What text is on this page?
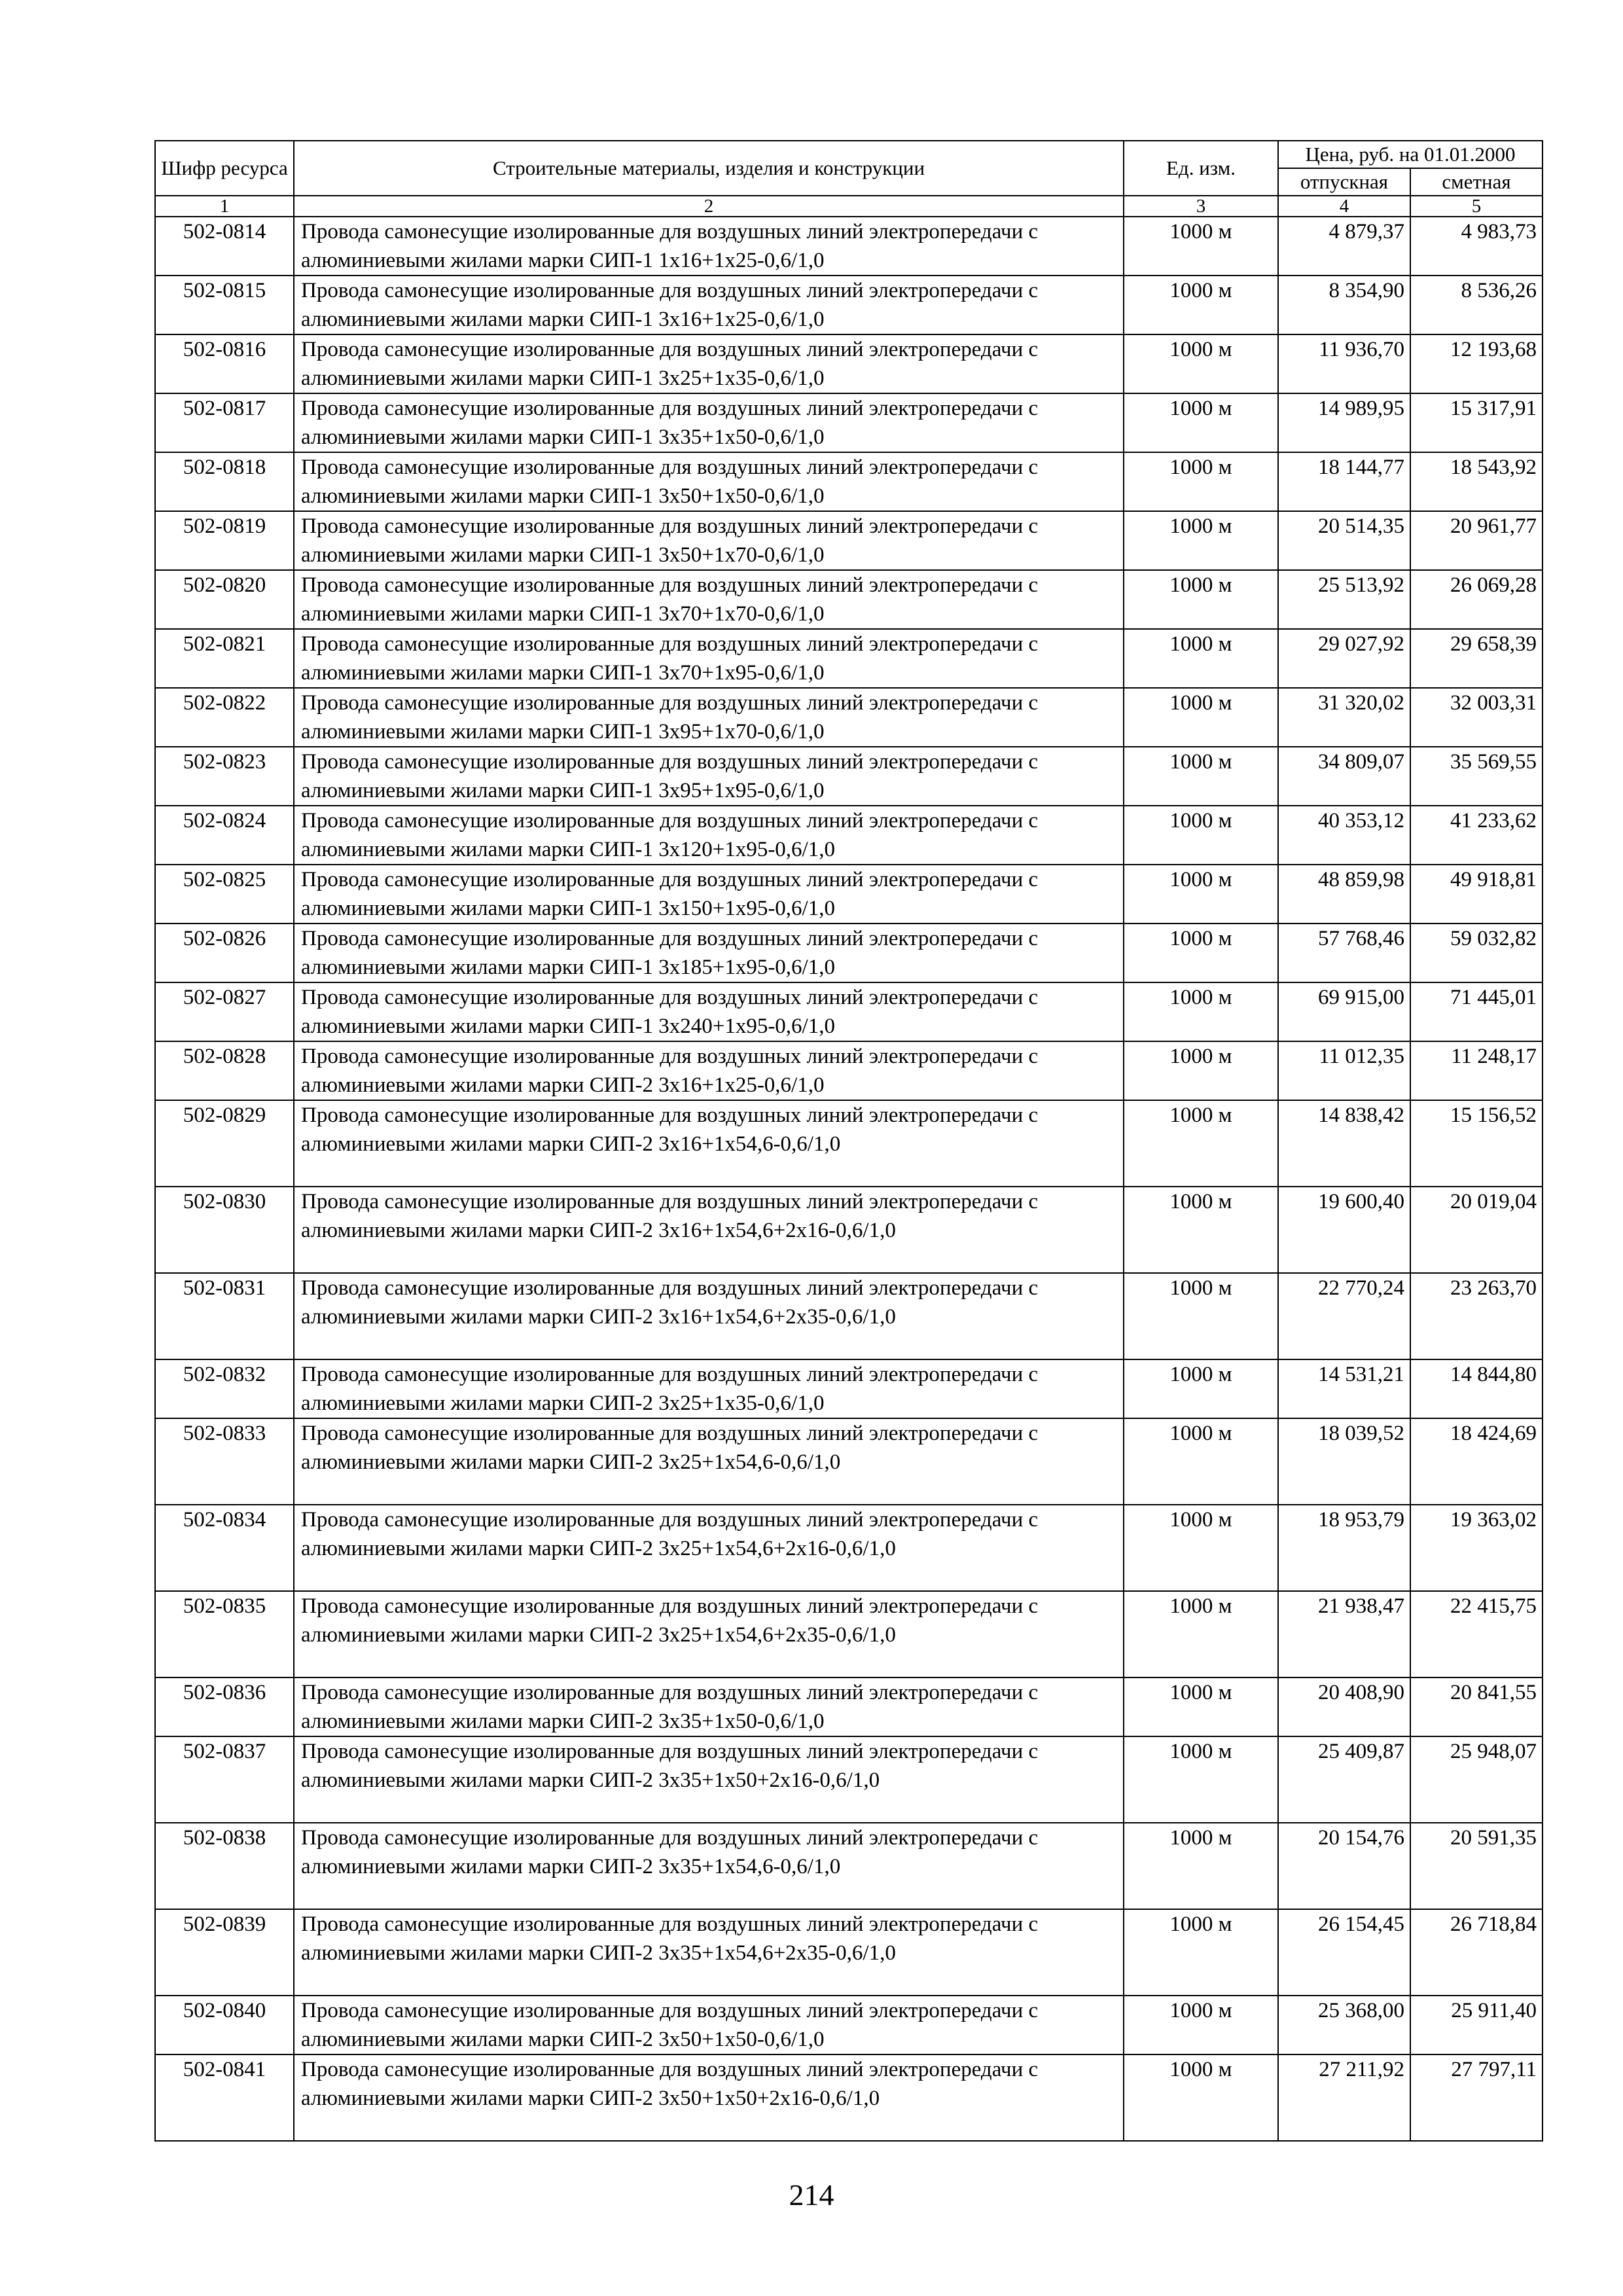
Шифр ресурса	Строительные материалы, изделия и конструкции	Ед. изм.	Цена, руб. на 01.01.2000	
			отпускная	сметная
1	2	3	4	5
502-0814	Провода самонесущие изолированные для воздушных линий электропередачи с алюминиевыми жилами марки СИП-1 1х16+1х25-0,6/1,0	1000 м	4 879,37	4 983,73
502-0815	Провода самонесущие изолированные для воздушных линий электропередачи с алюминиевыми жилами марки СИП-1 3х16+1х25-0,6/1,0	1000 м	8 354,90	8 536,26
502-0816	Провода самонесущие изолированные для воздушных линий электропередачи с алюминиевыми жилами марки СИП-1 3х25+1х35-0,6/1,0	1000 м	11 936,70	12 193,68
502-0817	Провода самонесущие изолированные для воздушных линий электропередачи с алюминиевыми жилами марки СИП-1 3х35+1х50-0,6/1,0	1000 м	14 989,95	15 317,91
502-0818	Провода самонесущие изолированные для воздушных линий электропередачи с алюминиевыми жилами марки СИП-1 3х50+1х50-0,6/1,0	1000 м	18 144,77	18 543,92
502-0819	Провода самонесущие изолированные для воздушных линий электропередачи с алюминиевыми жилами марки СИП-1 3х50+1х70-0,6/1,0	1000 м	20 514,35	20 961,77
502-0820	Провода самонесущие изолированные для воздушных линий электропередачи с алюминиевыми жилами марки СИП-1 3х70+1х70-0,6/1,0	1000 м	25 513,92	26 069,28
502-0821	Провода самонесущие изолированные для воздушных линий электропередачи с алюминиевыми жилами марки СИП-1 3х70+1х95-0,6/1,0	1000 м	29 027,92	29 658,39
502-0822	Провода самонесущие изолированные для воздушных линий электропередачи с алюминиевыми жилами марки СИП-1 3х95+1х70-0,6/1,0	1000 м	31 320,02	32 003,31
502-0823	Провода самонесущие изолированные для воздушных линий электропередачи с алюминиевыми жилами марки СИП-1 3х95+1х95-0,6/1,0	1000 м	34 809,07	35 569,55
502-0824	Провода самонесущие изолированные для воздушных линий электропередачи с алюминиевыми жилами марки СИП-1 3х120+1х95-0,6/1,0	1000 м	40 353,12	41 233,62
502-0825	Провода самонесущие изолированные для воздушных линий электропередачи с алюминиевыми жилами марки СИП-1 3х150+1х95-0,6/1,0	1000 м	48 859,98	49 918,81
502-0826	Провода самонесущие изолированные для воздушных линий электропередачи с алюминиевыми жилами марки СИП-1 3х185+1х95-0,6/1,0	1000 м	57 768,46	59 032,82
502-0827	Провода самонесущие изолированные для воздушных линий электропередачи с алюминиевыми жилами марки СИП-1 3х240+1х95-0,6/1,0	1000 м	69 915,00	71 445,01
502-0828	Провода самонесущие изолированные для воздушных линий электропередачи с алюминиевыми жилами марки СИП-2 3х16+1х25-0,6/1,0	1000 м	11 012,35	11 248,17
502-0829	Провода самонесущие изолированные для воздушных линий электропередачи с алюминиевыми жилами марки СИП-2 3х16+1х54,6-0,6/1,0	1000 м	14 838,42	15 156,52
502-0830	Провода самонесущие изолированные для воздушных линий электропередачи с алюминиевыми жилами марки СИП-2 3х16+1х54,6+2х16-0,6/1,0	1000 м	19 600,40	20 019,04
502-0831	Провода самонесущие изолированные для воздушных линий электропередачи с алюминиевыми жилами марки СИП-2 3х16+1х54,6+2х35-0,6/1,0	1000 м	22 770,24	23 263,70
502-0832	Провода самонесущие изолированные для воздушных линий электропередачи с алюминиевыми жилами марки СИП-2 3х25+1х35-0,6/1,0	1000 м	14 531,21	14 844,80
502-0833	Провода самонесущие изолированные для воздушных линий электропередачи с алюминиевыми жилами марки СИП-2 3х25+1х54,6-0,6/1,0	1000 м	18 039,52	18 424,69
502-0834	Провода самонесущие изолированные для воздушных линий электропередачи с алюминиевыми жилами марки СИП-2 3х25+1х54,6+2х16-0,6/1,0	1000 м	18 953,79	19 363,02
502-0835	Провода самонесущие изолированные для воздушных линий электропередачи с алюминиевыми жилами марки СИП-2 3х25+1х54,6+2х35-0,6/1,0	1000 м	21 938,47	22 415,75
502-0836	Провода самонесущие изолированные для воздушных линий электропередачи с алюминиевыми жилами марки СИП-2 3х35+1х50-0,6/1,0	1000 м	20 408,90	20 841,55
502-0837	Провода самонесущие изолированные для воздушных линий электропередачи с алюминиевыми жилами марки СИП-2 3х35+1х50+2х16-0,6/1,0	1000 м	25 409,87	25 948,07
502-0838	Провода самонесущие изолированные для воздушных линий электропередачи с алюминиевыми жилами марки СИП-2 3х35+1х54,6-0,6/1,0	1000 м	20 154,76	20 591,35
502-0839	Провода самонесущие изолированные для воздушных линий электропередачи с алюминиевыми жилами марки СИП-2 3х35+1х54,6+2х35-0,6/1,0	1000 м	26 154,45	26 718,84
502-0840	Провода самонесущие изолированные для воздушных линий электропередачи с алюминиевыми жилами марки СИП-2 3х50+1х50-0,6/1,0	1000 м	25 368,00	25 911,40
502-0841	Провода самонесущие изолированные для воздушных линий электропередачи с алюминиевыми жилами марки СИП-2 3х50+1х50+2х16-0,6/1,0	1000 м	27 211,92	27 797,11
214
